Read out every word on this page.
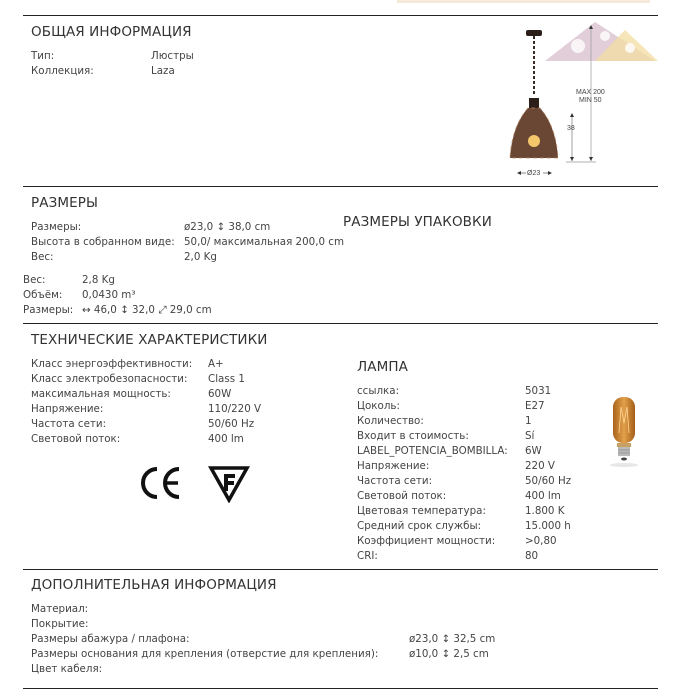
ОБЩАЯ ИНФОРМАЦИЯ
Тип:	Люстры
Коллекция:	Laza
MAX 200
MIN 50
38
Ø23
РАЗМЕРЫ
РАЗМЕРЫ УПАКОВКИ
Размеры:	ø23,0 ↕ 38,0 cm
Высота в собранном виде: 50,0/ максимальная 200,0 cm
Вес:	2,0 Kg
Вес:	2,8 Kg
Объём: 0,0430 m³
Размеры: ↔ 46,0 ↕ 32,0 ⤢ 29,0 cm
ТЕХНИЧЕСКИЕ ХАРАКТЕРИСТИКИ
Класс энергоэффективности: A+
Класс электробезопасности: Class 1
максимальная мощность:	60W
Напряжение:	110/220 V
Частота сети:	50/60 Hz
Световой поток:	400 lm
ЛАМПА
ссылка:	5031
Цоколь:	E27
Количество:	1
Входит в стоимость:	Sí
LABEL_POTENCIA_BOMBILLA: 6W
Напряжение:	220 V
Частота сети:	50/60 Hz
Световой поток:	400 lm
Цветовая температура:	1.800 K
Средний срок службы:	15.000 h
Коэффициент мощности:	>0,80
CRI:	80
ДОПОЛНИТЕЛЬНАЯ ИНФОРМАЦИЯ
Материал:
Покрытие:
Размеры абажура / плафона:	ø23,0 ↕ 32,5 cm
Размеры основания для крепления (отверстие для крепления):	ø10,0 ↕ 2,5 cm
Цвет кабеля:
